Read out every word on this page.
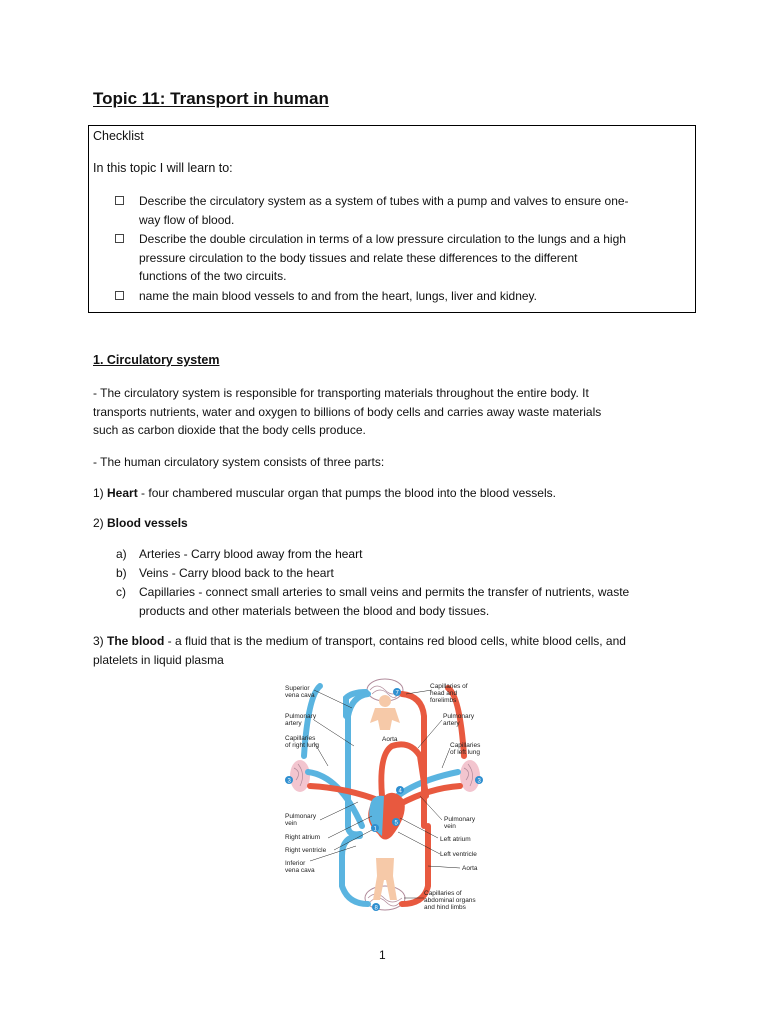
Topic 11: Transport in human
Checklist
In this topic I will learn to:
Describe the circulatory system as a system of tubes with a pump and valves to ensure one-
way flow of blood.
Describe the double circulation in terms of a low pressure circulation to the lungs and a high
pressure circulation to the body tissues and relate these differences to the different
functions of the two circuits.
name the main blood vessels to and from the heart, lungs, liver and kidney.
1. Circulatory system
- The circulatory system is responsible for transporting materials throughout the entire body. It
transports nutrients, water and oxygen to billions of body cells and carries away waste materials
such as carbon dioxide that the body cells produce.
- The human circulatory system consists of three parts:
1) Heart - four chambered muscular organ that pumps the blood into the blood vessels.
2) Blood vessels
a) Arteries - Carry blood away from the heart
b) Veins - Carry blood back to the heart
c) Capillaries - connect small arteries to small veins and permits the transfer of nutrients, waste
products and other materials between the blood and body tissues.
3) The blood - a fluid that is the medium of transport, contains red blood cells, white blood cells, and
platelets in liquid plasma
7
3	3
1
4
5
8
Superior
vena cava
Pulmonary
artery
Capillaries
of right lung
Pulmonary
vein
Right atrium
Right ventricle
Inferior
vena cava
Capillaries of
head and
forelimbs
Pulmonary
artery
Aorta
Capillaries
of left lung
Pulmonary
vein
Left atrium
Left ventricle
Aorta
Capillaries of
abdominal organs
and hind limbs
1
